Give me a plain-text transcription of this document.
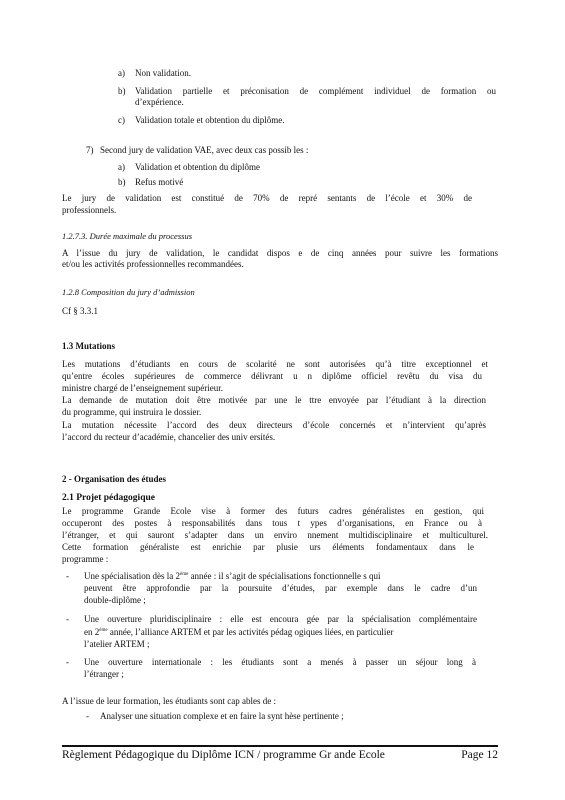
a) Non validation.
b) Validation partielle et préconisation de complément individuel de formation ou
d’expérience.
c) Validation totale et obtention du diplôme.
7) Second jury de validation VAE, avec deux cas possib les :
a) Validation et obtention du diplôme
b) Refus motivé
Le jury de validation est constitué de 70% de repré sentants de l’école et 30% de
professionnels.
1.2.7.3. Durée maximale du processus
A l’issue du jury de validation, le candidat dispos e de cinq années pour suivre les formations
et/ou les activités professionnelles recommandées.
1.2.8 Composition du jury d’admission
Cf § 3.3.1
1.3 Mutations
Les mutations d’étudiants en cours de scolarité ne sont autorisées qu’à titre exceptionnel et
qu’entre écoles supérieures de commerce délivrant u n diplôme officiel revêtu du visa du
ministre chargé de l’enseignement supérieur.
La demande de mutation doit être motivée par une le ttre envoyée par l’étudiant à la direction
du programme, qui instruira le dossier.
La mutation nécessite l’accord des deux directeurs d’école concernés et n’intervient qu’après
l’accord du recteur d’académie, chancelier des univ ersités.
2 - Organisation des études
2.1 Projet pédagogique
Le programme Grande Ecole vise à former des futurs cadres généralistes en gestion, qui
occuperont des postes à responsabilités dans tous t ypes d’organisations, en France ou à
l’étranger, et qui sauront s’adapter dans un enviro nnement multidisciplinaire et multiculturel.
Cette formation généraliste est enrichie par plusie urs éléments fondamentaux dans le
programme :
- Une spécialisation dès la 2ème année : il s’agit de spécialisations fonctionnelle s qui
peuvent être approfondie par la poursuite d’études, par exemple dans le cadre d’un
double-diplôme ;
- Une ouverture pluridisciplinaire : elle est encoura gée par la spécialisation complémentaire
en 2ème année, l’alliance ARTEM et par les activités pédag ogiques liées, en particulier
l’atelier ARTEM ;
- Une ouverture internationale : les étudiants sont a menés à passer un séjour long à
l’étranger ;
A l’issue de leur formation, les étudiants sont cap ables de :
- Analyser une situation complexe et en faire la synt hèse pertinente ;
Règlement Pédagogique du Diplôme ICN / programme Gr ande Ecole	Page 12
